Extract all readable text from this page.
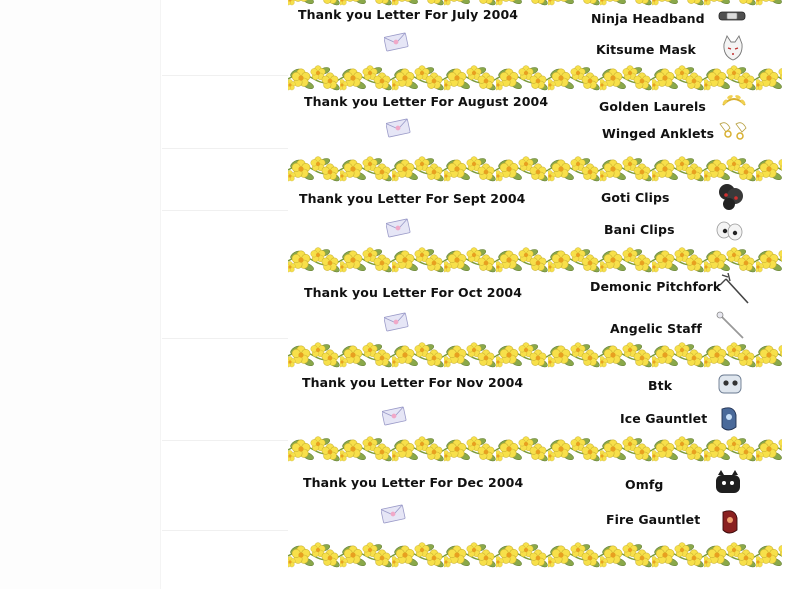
Thank you Letter For July 2004	Ninja Headband
Kitsume Mask
Thank you Letter For August 2004	Golden Laurels
Winged Anklets
Thank you Letter For Sept 2004	Goti Clips
Bani Clips
Thank you Letter For Oct 2004	Demonic Pitchfork
Angelic Staff
Thank you Letter For Nov 2004	Btk
Ice Gauntlet
Thank you Letter For Dec 2004	Omfg
Fire Gauntlet
